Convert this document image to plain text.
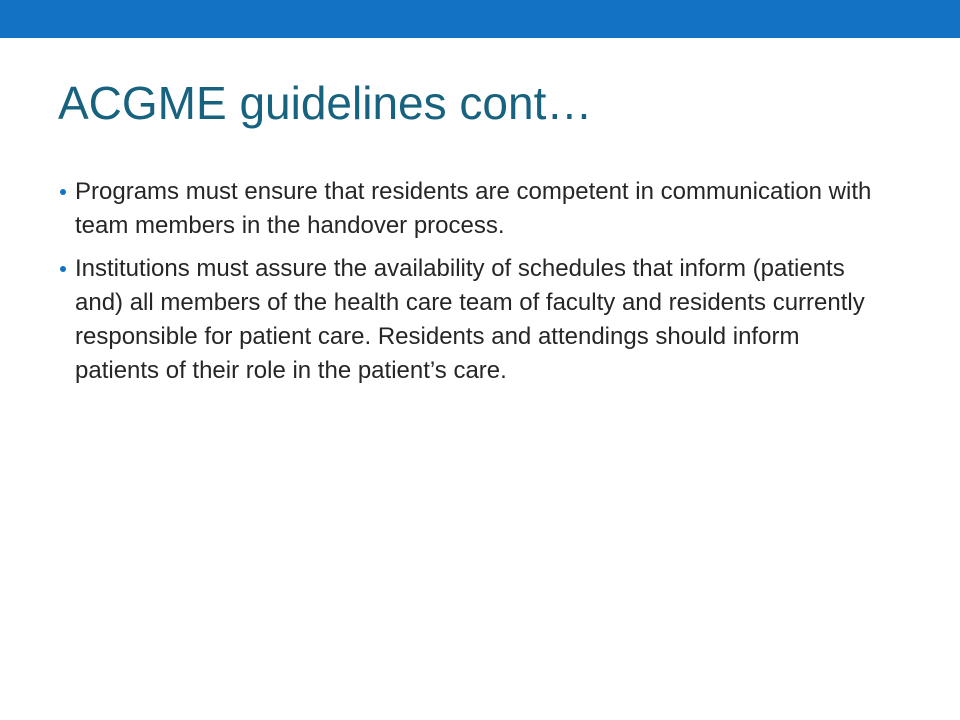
ACGME guidelines cont…
Programs must ensure that residents are competent in communication with team members in the handover process.
Institutions must assure the availability of schedules that inform (patients and) all members of the health care team of faculty and residents currently responsible for patient care. Residents and attendings should inform patients of their role in the patient’s care.
